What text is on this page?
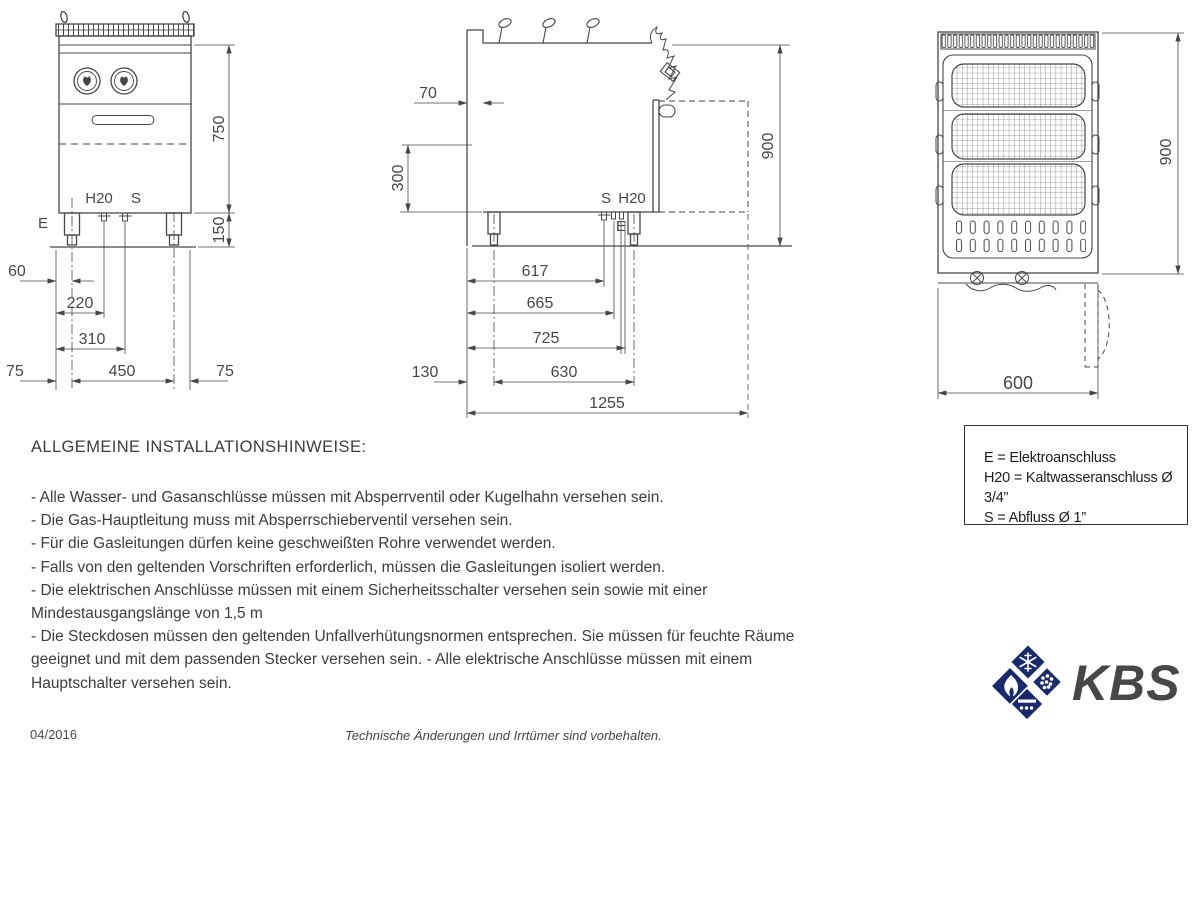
750
150
60
220
310
450
75	75
H20 S
E
70
300
900
617
665
725
130	630
1255
S H20
E
900
600
E = Elektroanschluss
H20 = Kaltwasseranschluss Ø 3/4”
S = Abfluss Ø 1”
ALLGEMEINE INSTALLATIONSHINWEISE:
- Alle Wasser- und Gasanschlüsse müssen mit Absperrventil oder Kugelhahn versehen sein.
- Die Gas-Hauptleitung muss mit Absperrschieberventil versehen sein.
- Für die Gasleitungen dürfen keine geschweißten Rohre verwendet werden.
- Falls von den geltenden Vorschriften erforderlich, müssen die Gasleitungen isoliert werden.
- Die elektrischen Anschlüsse müssen mit einem Sicherheitsschalter versehen sein sowie mit einer
Mindestausgangslänge von 1,5 m
- Die Steckdosen müssen den geltenden Unfallverhütungsnormen entsprechen. Sie müssen für feuchte Räume
geeignet und mit dem passenden Stecker versehen sein. - Alle elektrische Anschlüsse müssen mit einem
Hauptschalter versehen sein.
04/2016	Technische Änderungen und Irrtümer sind vorbehalten.
KBS
